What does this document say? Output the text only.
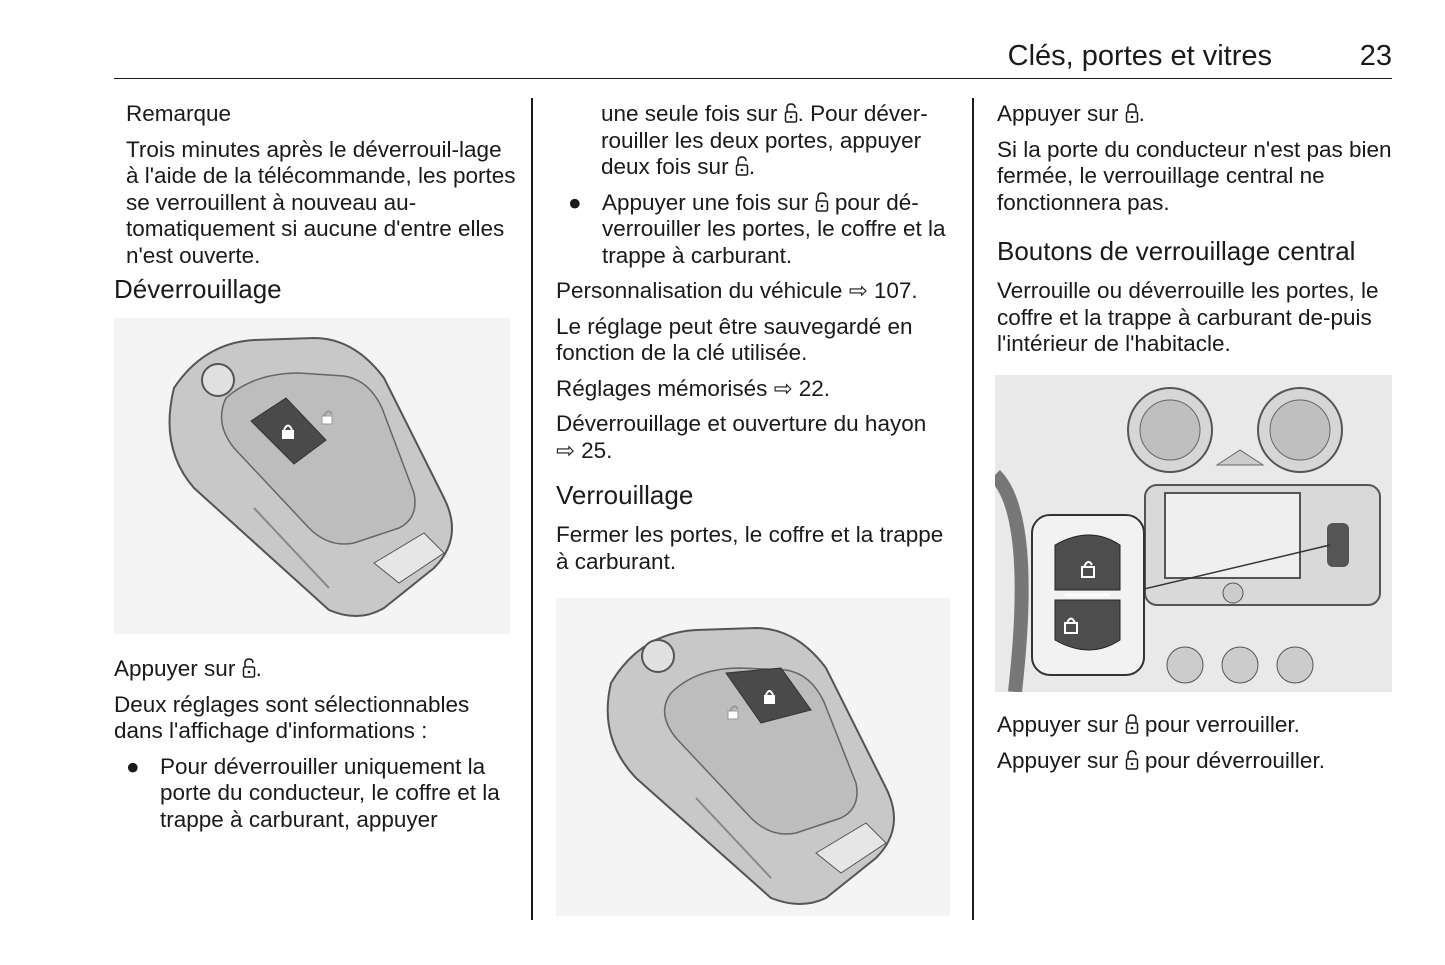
Clés, portes et vitres	23

Remarque

Trois minutes après le déverrouil-lage à l'aide de la télécommande, les portes se verrouillent à nouveau au-tomatiquement si aucune d'entre elles n'est ouverte.

Déverrouillage

Appuyer sur .

Deux réglages sont sélectionnables dans l'affichage d'informations :

● Pour déverrouiller uniquement la porte du conducteur, le coffre et la trappe à carburant, appuyer

une seule fois sur . Pour déver-rouiller les deux portes, appuyer deux fois sur .

● Appuyer une fois sur pour dé-verrouiller les portes, le coffre et la trappe à carburant.

Personnalisation du véhicule ⇨ 107.

Le réglage peut être sauvegardé en fonction de la clé utilisée.

Réglages mémorisés ⇨ 22.

Déverrouillage et ouverture du hayon
⇨ 25.

Verrouillage

Fermer les portes, le coffre et la trappe à carburant.

Appuyer sur .

Si la porte du conducteur n'est pas bien fermée, le verrouillage central ne fonctionnera pas.

Boutons de verrouillage central

Verrouille ou déverrouille les portes, le coffre et la trappe à carburant de-puis l'intérieur de l'habitacle.

Appuyer sur pour verrouiller.

Appuyer sur pour déverrouiller.
